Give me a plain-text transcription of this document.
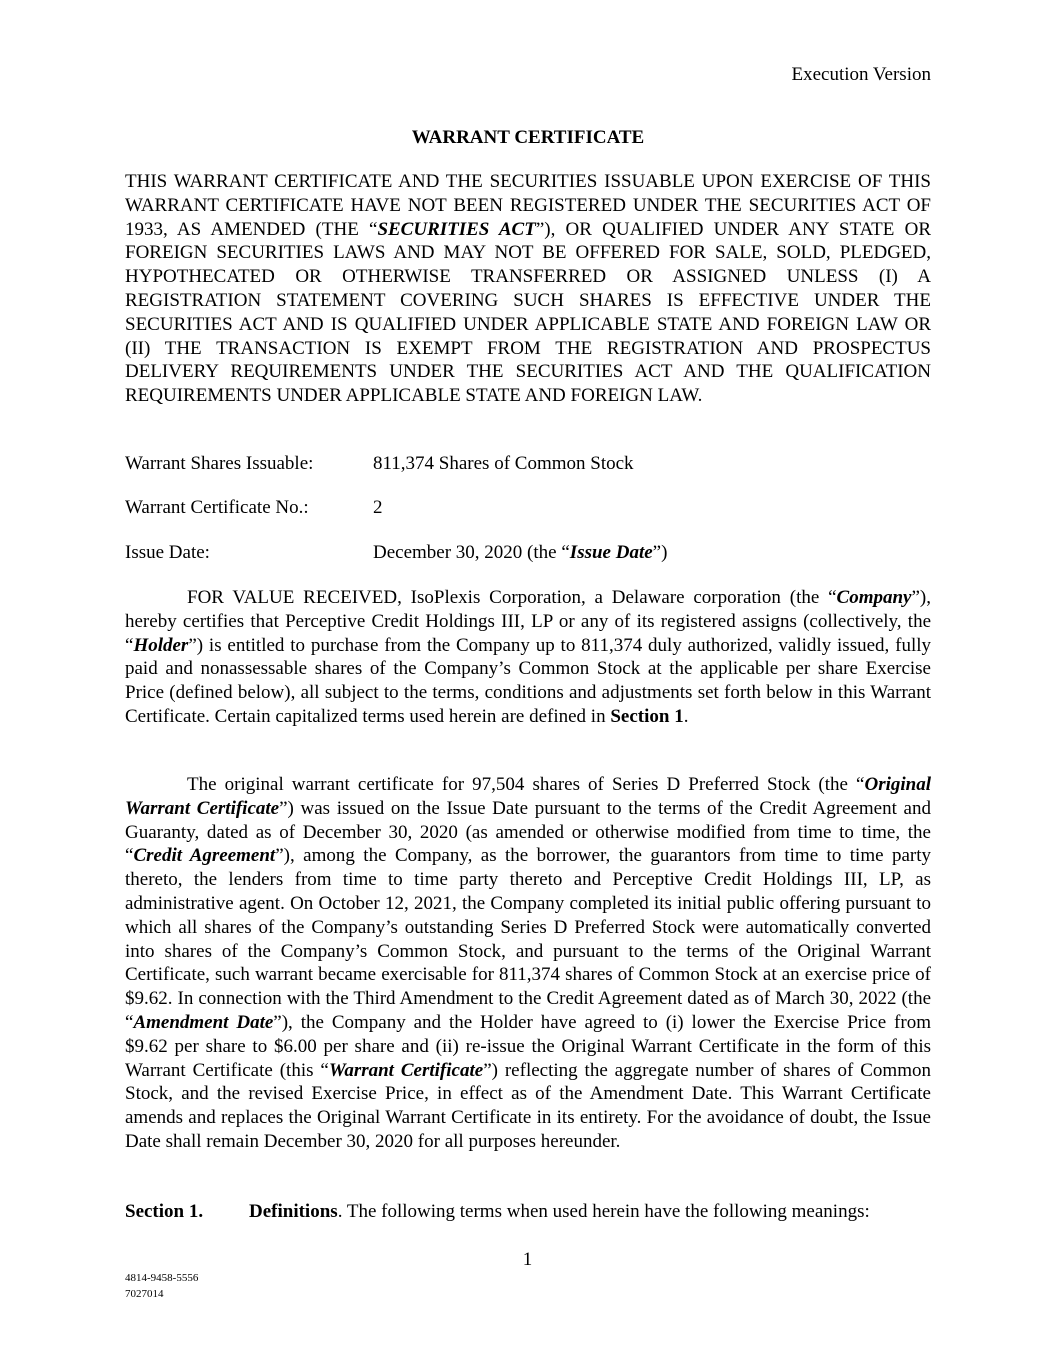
Execution Version
WARRANT CERTIFICATE
THIS WARRANT CERTIFICATE AND THE SECURITIES ISSUABLE UPON EXERCISE OF THIS WARRANT CERTIFICATE HAVE NOT BEEN REGISTERED UNDER THE SECURITIES ACT OF 1933, AS AMENDED (THE “SECURITIES ACT”), OR QUALIFIED UNDER ANY STATE OR FOREIGN SECURITIES LAWS AND MAY NOT BE OFFERED FOR SALE, SOLD, PLEDGED, HYPOTHECATED OR OTHERWISE TRANSFERRED OR ASSIGNED UNLESS (I) A REGISTRATION STATEMENT COVERING SUCH SHARES IS EFFECTIVE UNDER THE SECURITIES ACT AND IS QUALIFIED UNDER APPLICABLE STATE AND FOREIGN LAW OR (II) THE TRANSACTION IS EXEMPT FROM THE REGISTRATION AND PROSPECTUS DELIVERY REQUIREMENTS UNDER THE SECURITIES ACT AND THE QUALIFICATION REQUIREMENTS UNDER APPLICABLE STATE AND FOREIGN LAW.
Warrant Shares Issuable:	811,374 Shares of Common Stock
Warrant Certificate No.:	2
Issue Date:	December 30, 2020 (the “Issue Date”)

FOR VALUE RECEIVED, IsoPlexis Corporation, a Delaware corporation (the “Company”), hereby certifies that Perceptive Credit Holdings III, LP or any of its registered assigns (collectively, the “Holder”) is entitled to purchase from the Company up to 811,374 duly authorized, validly issued, fully paid and nonassessable shares of the Company’s Common Stock at the applicable per share Exercise Price (defined below), all subject to the terms, conditions and adjustments set forth below in this Warrant Certificate. Certain capitalized terms used herein are defined in Section 1.

The original warrant certificate for 97,504 shares of Series D Preferred Stock (the “Original Warrant Certificate”) was issued on the Issue Date pursuant to the terms of the Credit Agreement and Guaranty, dated as of December 30, 2020 (as amended or otherwise modified from time to time, the “Credit Agreement”), among the Company, as the borrower, the guarantors from time to time party thereto, the lenders from time to time party thereto and Perceptive Credit Holdings III, LP, as administrative agent. On October 12, 2021, the Company completed its initial public offering pursuant to which all shares of the Company’s outstanding Series D Preferred Stock were automatically converted into shares of the Company’s Common Stock, and pursuant to the terms of the Original Warrant Certificate, such warrant became exercisable for 811,374 shares of Common Stock at an exercise price of $9.62. In connection with the Third Amendment to the Credit Agreement dated as of March 30, 2022 (the “Amendment Date”), the Company and the Holder have agreed to (i) lower the Exercise Price from $9.62 per share to $6.00 per share and (ii) re-issue the Original Warrant Certificate in the form of this Warrant Certificate (this “Warrant Certificate”) reflecting the aggregate number of shares of Common Stock, and the revised Exercise Price, in effect as of the Amendment Date. This Warrant Certificate amends and replaces the Original Warrant Certificate in its entirety. For the avoidance of doubt, the Issue Date shall remain December 30, 2020 for all purposes hereunder.

Section 1. Definitions. The following terms when used herein have the following meanings:
1
4814-9458-5556
7027014
